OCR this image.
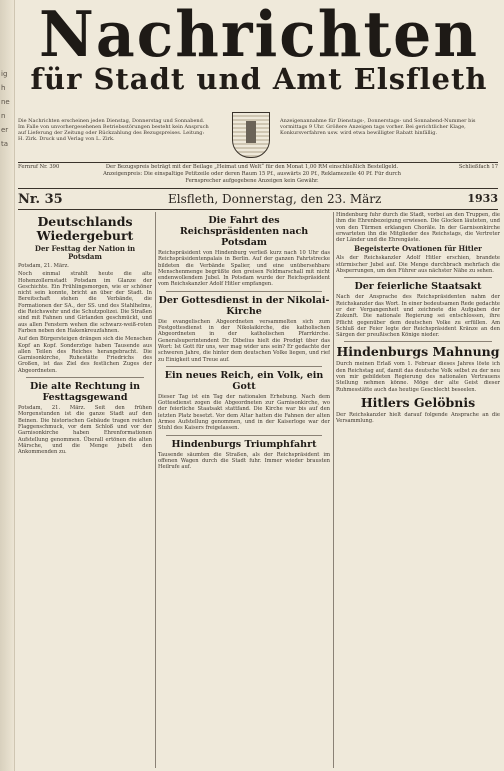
ig
h
ne
n
er
ta
Nachrichten
für Stadt und Amt Elsfleth
Die Nachrichten erscheinen jeden Dienstag, Donnerstag und Sonnabend. Im Falle von unvorhergesehenen Betriebsstörungen besteht kein Anspruch auf Lieferung der Zeitung oder Rückzahlung des Bezugspreises. Leitung: H. Zirk. Druck und Verlag von L. Zirk.
Anzeigenannahme für Dienstags-, Donnerstags- und Sonnabend-Nummer bis vormittags 9 Uhr. Größere Anzeigen tags vorher. Bei gerichtlicher Klage, Konkursverfahren usw. wird etwa bewilligter Rabatt hinfällig.
Fernruf Nr. 390	Der Bezugspreis beträgt mit der Beilage „Heimat und Welt“ für den Monat 1,00 RM einschließlich Bestellgeld. Anzeigenpreis: Die einspaltige Petitzeile oder deren Raum 15 Pf., auswärts 20 Pf., Reklamezeile 40 Pf. Für durch Fernsprecher aufgegebene Anzeigen kein Gewähr.
Schließfach 17
Nr. 35	Elsfleth, Donnerstag, den 23. März	1933
Deutschlands Wiedergeburt
Der Festtag der Nation in Potsdam
Potsdam, 21. März.
Noch einmal strahlt heute die alte Hohenzollernstadt Potsdam im Glanze der Geschichte. Ein Frühlingsmorgen, wie er schöner nicht sein konnte, bricht an über der Stadt. In Bereitschaft stehen die Verbände, die Formationen der SA., der SS. und des Stahlhelms, die Reichswehr und die Schutzpolizei. Die Straßen sind mit Fahnen und Girlanden geschmückt, und aus allen Fenstern wehen die schwarz-weiß-roten Farben neben den Hakenkreuzfahnen.
Auf den Bürgersteigen drängen sich die Menschen Kopf an Kopf. Sonderzüge haben Tausende aus allen Teilen des Reiches herangebracht. Die Garnisonkirche, Ruhestätte Friedrichs des Großen, ist das Ziel des festlichen Zuges der Abgeordneten.
Die alte Rechtung in Festtagsgewand
Potsdam, 21. März. Seit den frühen Morgenstunden ist die ganze Stadt auf den Beinen. Die historischen Gebäude tragen reichen Flaggenschmuck, vor dem Schloß und vor der Garnisonkirche haben Ehrenformationen Aufstellung genommen. Überall ertönen die alten Märsche, und die Menge jubelt den Ankommenden zu.
Die Fahrt des Reichspräsidenten nach Potsdam
Reichspräsident von Hindenburg verließ kurz nach 10 Uhr das Reichspräsidentenpalais in Berlin. Auf der ganzen Fahrtstrecke bildeten die Verbände Spalier, und eine unübersehbare Menschenmenge begrüßte den greisen Feldmarschall mit nicht endenwollendem Jubel. In Potsdam wurde der Reichspräsident vom Reichskanzler Adolf Hitler empfangen.
Der Gottesdienst in der Nikolai-Kirche
Die evangelischen Abgeordneten versammelten sich zum Festgottesdienst in der Nikolaikirche, die katholischen Abgeordneten in der katholischen Pfarrkirche. Generalsuperintendent Dr. Dibelius hielt die Predigt über das Wort: Ist Gott für uns, wer mag wider uns sein? Er gedachte der schweren Jahre, die hinter dem deutschen Volke liegen, und rief zu Einigkeit und Treue auf.
Ein neues Reich, ein Volk, ein Gott
Dieser Tag ist ein Tag der nationalen Erhebung. Nach dem Gottesdienst zogen die Abgeordneten zur Garnisonkirche, wo der feierliche Staatsakt stattfand. Die Kirche war bis auf den letzten Platz besetzt. Vor dem Altar hatten die Fahnen der alten Armee Aufstellung genommen, und in der Kaiserloge war der Stuhl des Kaisers freigelassen.
Hindenburgs Triumphfahrt
Tausende säumten die Straßen, als der Reichspräsident im offenen Wagen durch die Stadt fuhr. Immer wieder brausten Heilrufe auf.
Hindenburg fuhr durch die Stadt, vorbei an den Truppen, die ihm die Ehrenbezeigung erwiesen. Die Glocken läuteten, und von den Türmen erklangen Choräle. In der Garnisonkirche erwarteten ihn die Mitglieder des Reichstags, die Vertreter der Länder und die Ehrengäste.
Begeisterte Ovationen für Hitler
Als der Reichskanzler Adolf Hitler erschien, brandete stürmischer Jubel auf. Die Menge durchbrach mehrfach die Absperrungen, um den Führer aus nächster Nähe zu sehen.
Der feierliche Staatsakt
Nach der Ansprache des Reichspräsidenten nahm der Reichskanzler das Wort. In einer bedeutsamen Rede gedachte er der Vergangenheit und zeichnete die Aufgaben der Zukunft. Die nationale Regierung sei entschlossen, ihre Pflicht gegenüber dem deutschen Volke zu erfüllen. Am Schluß der Feier legte der Reichspräsident Kränze an den Särgen der preußischen Könige nieder.
Hindenburgs Mahnung
Durch meinen Erlaß vom 1. Februar dieses Jahres löste ich den Reichstag auf, damit das deutsche Volk selbst zu der neu von mir gebildeten Regierung des nationalen Vertrauens Stellung nehmen könne. Möge der alte Geist dieser Ruhmesstätte auch das heutige Geschlecht beseelen.
Hitlers Gelöbnis
Der Reichskanzler hielt darauf folgende Ansprache an die Versammlung.
